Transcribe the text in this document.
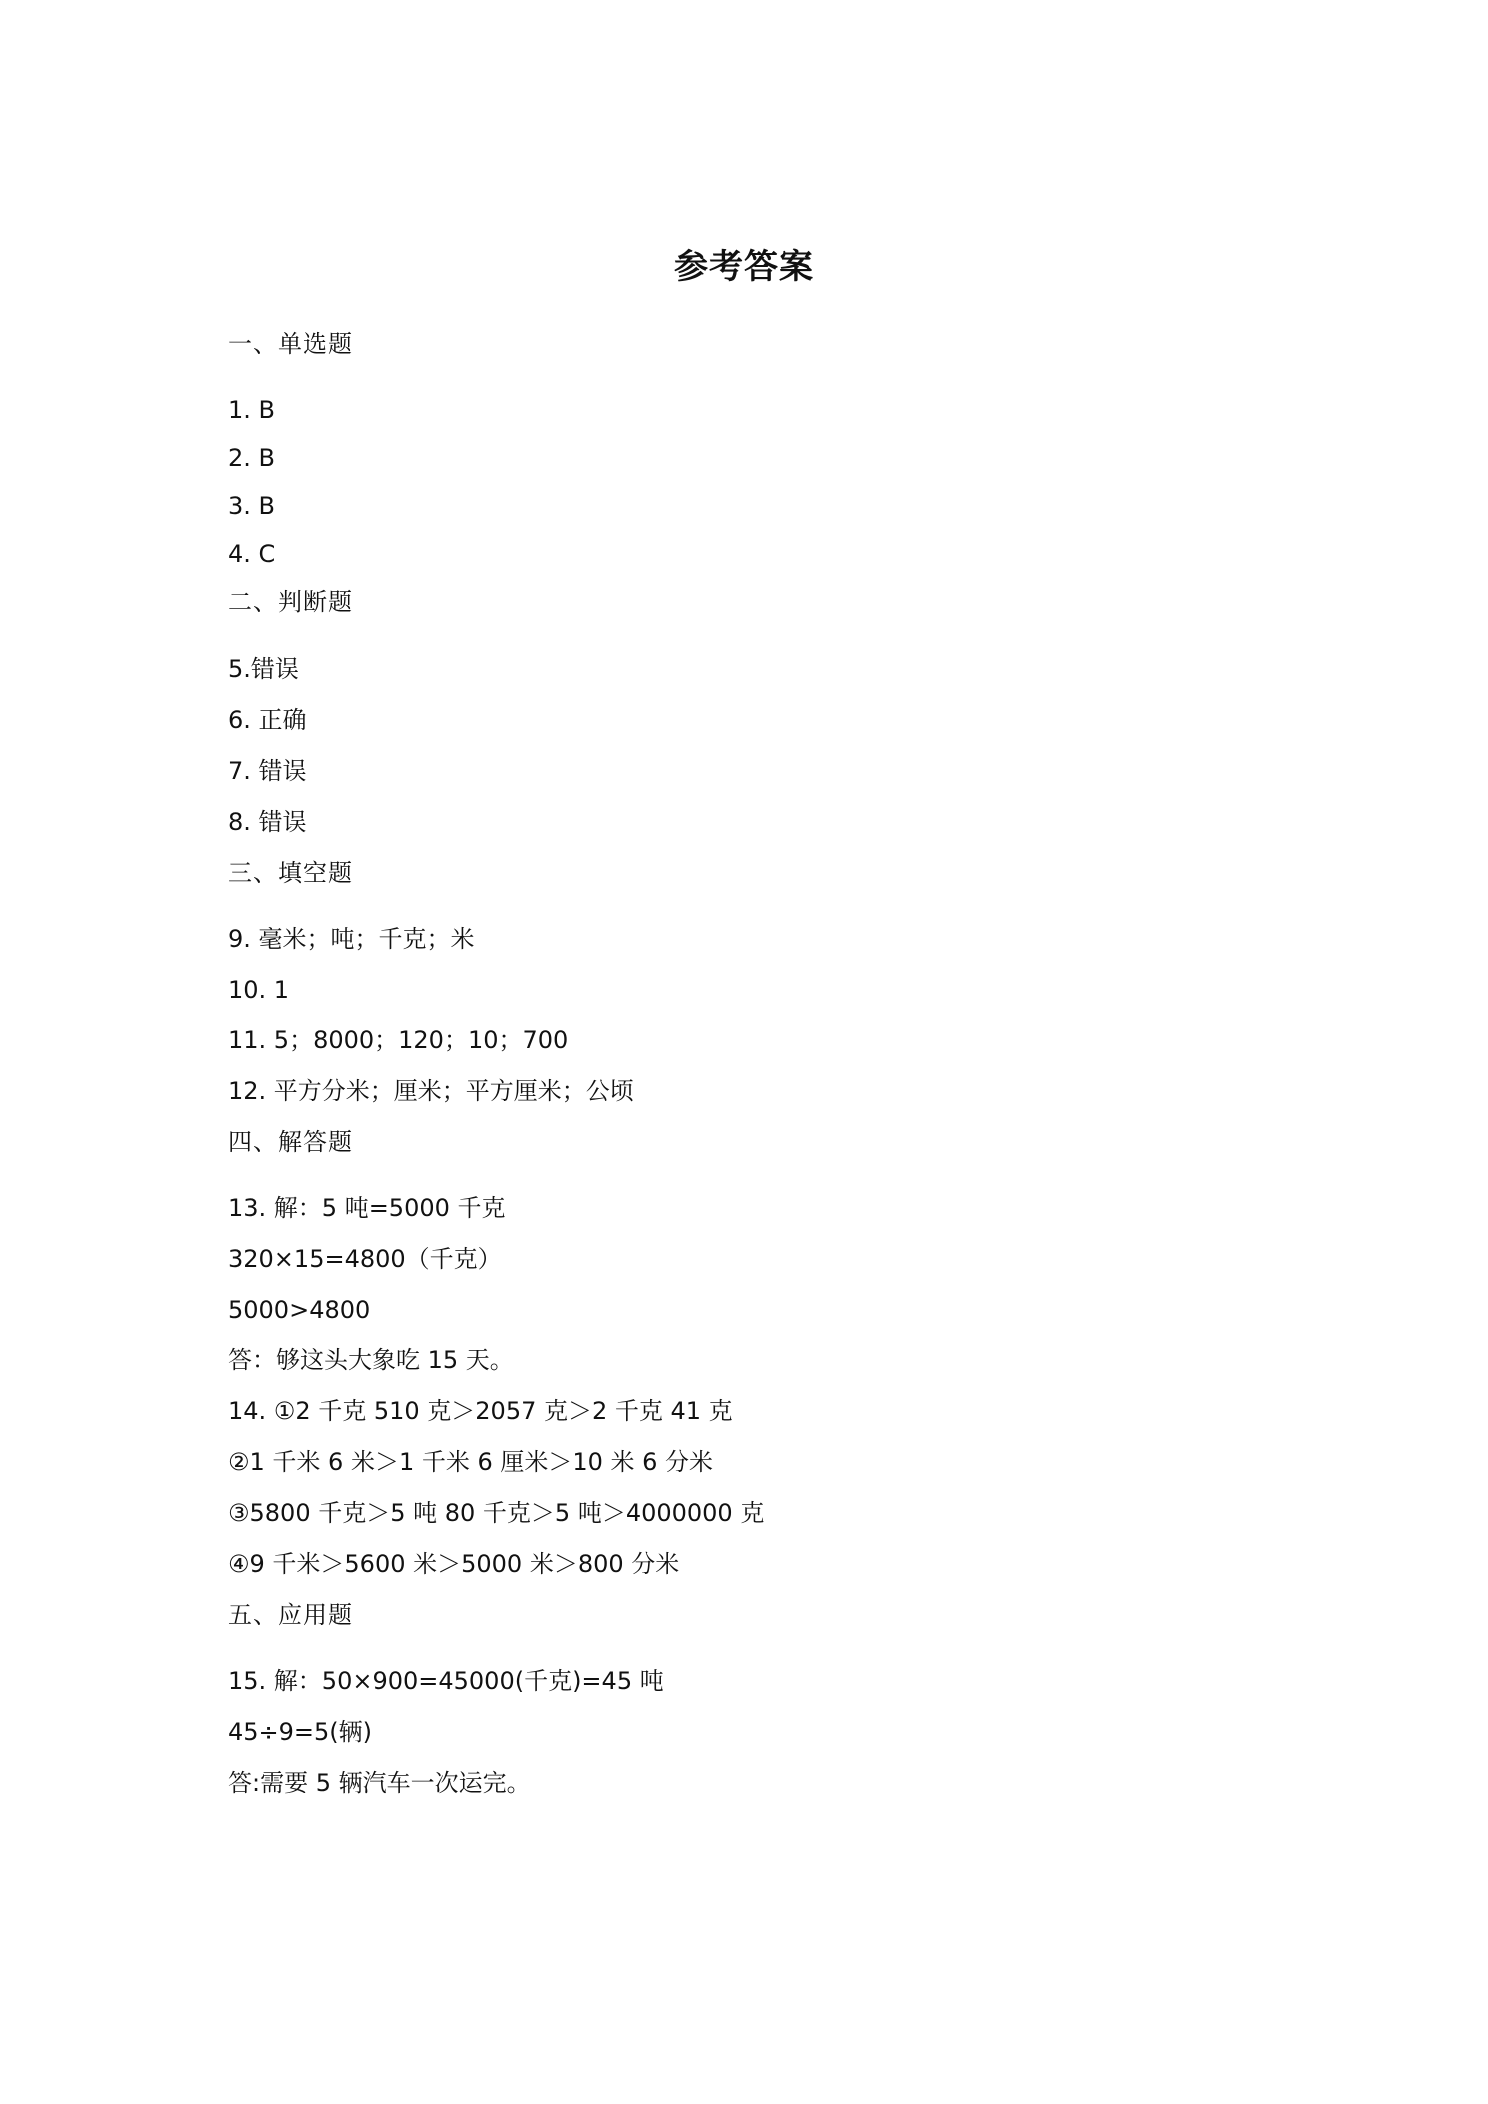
参考答案
一、单选题
1. B
2. B
3. B
4. C
二、判断题
5.错误
6. 正确
7. 错误
8. 错误
三、填空题
9. 毫米；吨；千克；米
10. 1
11. 5；8000；120；10；700
12. 平方分米；厘米；平方厘米；公顷
四、解答题
13. 解：5 吨=5000 千克
320×15=4800（千克）
5000>4800
答：够这头大象吃 15 天。
14. ①2 千克 510 克＞2057 克＞2 千克 41 克
②1 千米 6 米＞1 千米 6 厘米＞10 米 6 分米
③5800 千克＞5 吨 80 千克＞5 吨＞4000000 克
④9 千米＞5600 米＞5000 米＞800 分米
五、应用题
15. 解：50×900=45000(千克)=45 吨
45÷9=5(辆)
答:需要 5 辆汽车一次运完。
